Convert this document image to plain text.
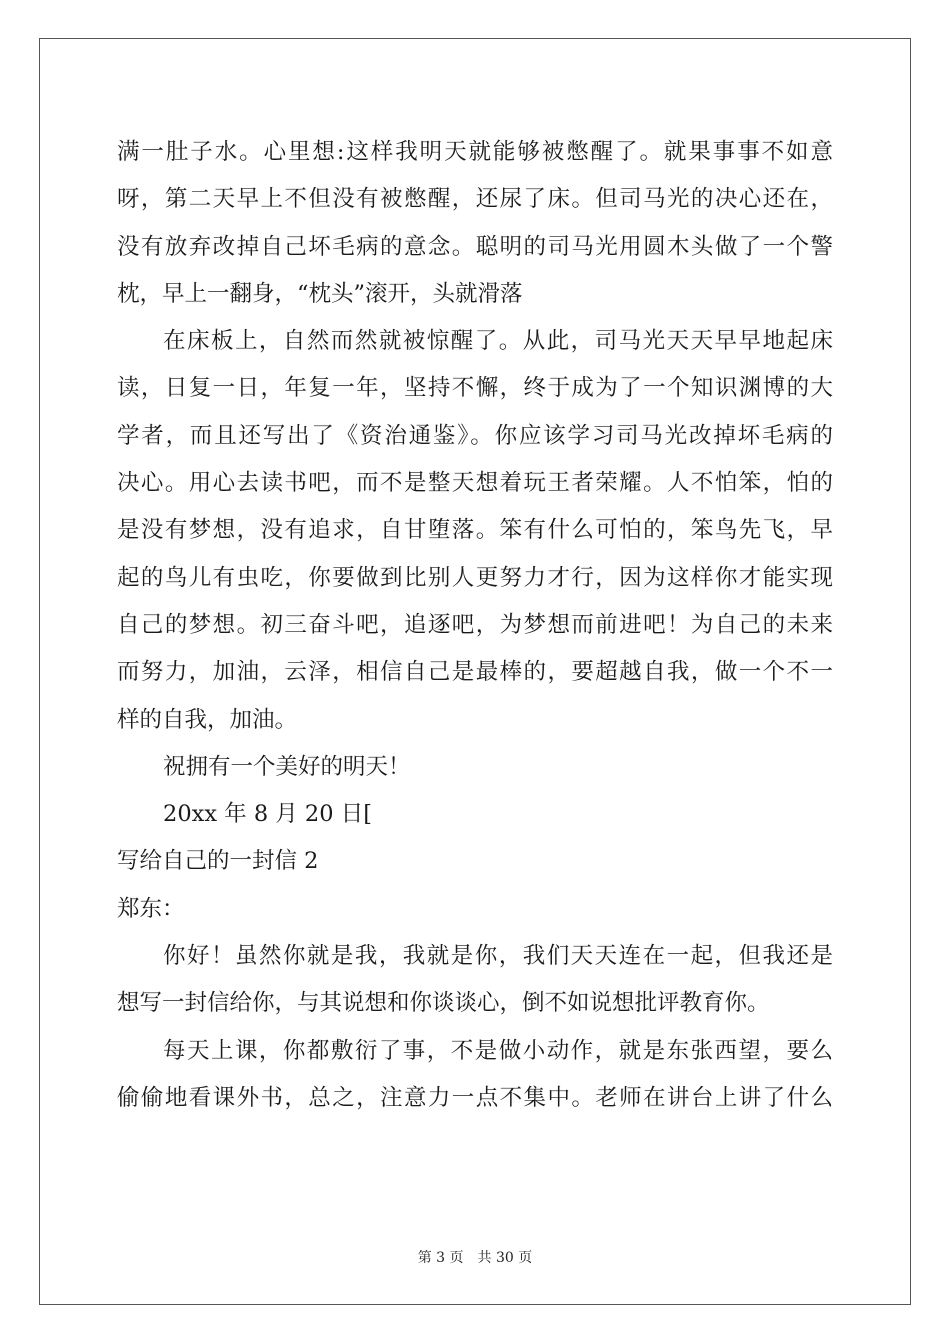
满一肚子水。心里想:这样我明天就能够被憋醒了。就果事事不如意
呀，第二天早上不但没有被憋醒，还尿了床。但司马光的决心还在，
没有放弃改掉自己坏毛病的意念。聪明的司马光用圆木头做了一个警
枕，早上一翻身，“枕头”滚开，头就滑落
在床板上，自然而然就被惊醒了。从此，司马光天天早早地起床
读，日复一日，年复一年，坚持不懈，终于成为了一个知识渊博的大
学者，而且还写出了《资治通鉴》。你应该学习司马光改掉坏毛病的
决心。用心去读书吧，而不是整天想着玩王者荣耀。人不怕笨，怕的
是没有梦想，没有追求，自甘堕落。笨有什么可怕的，笨鸟先飞，早
起的鸟儿有虫吃，你要做到比别人更努力才行，因为这样你才能实现
自己的梦想。初三奋斗吧，追逐吧，为梦想而前进吧！为自己的未来
而努力，加油，云泽，相信自己是最棒的，要超越自我，做一个不一
样的自我，加油。
祝拥有一个美好的明天！
20xx 年 8 月 20 日[
写给自己的一封信 2
郑东：
你好！虽然你就是我，我就是你，我们天天连在一起，但我还是
想写一封信给你，与其说想和你谈谈心，倒不如说想批评教育你。
每天上课，你都敷衍了事，不是做小动作，就是东张西望，要么
偷偷地看课外书，总之，注意力一点不集中。老师在讲台上讲了什么
第 3 页 共 30 页
